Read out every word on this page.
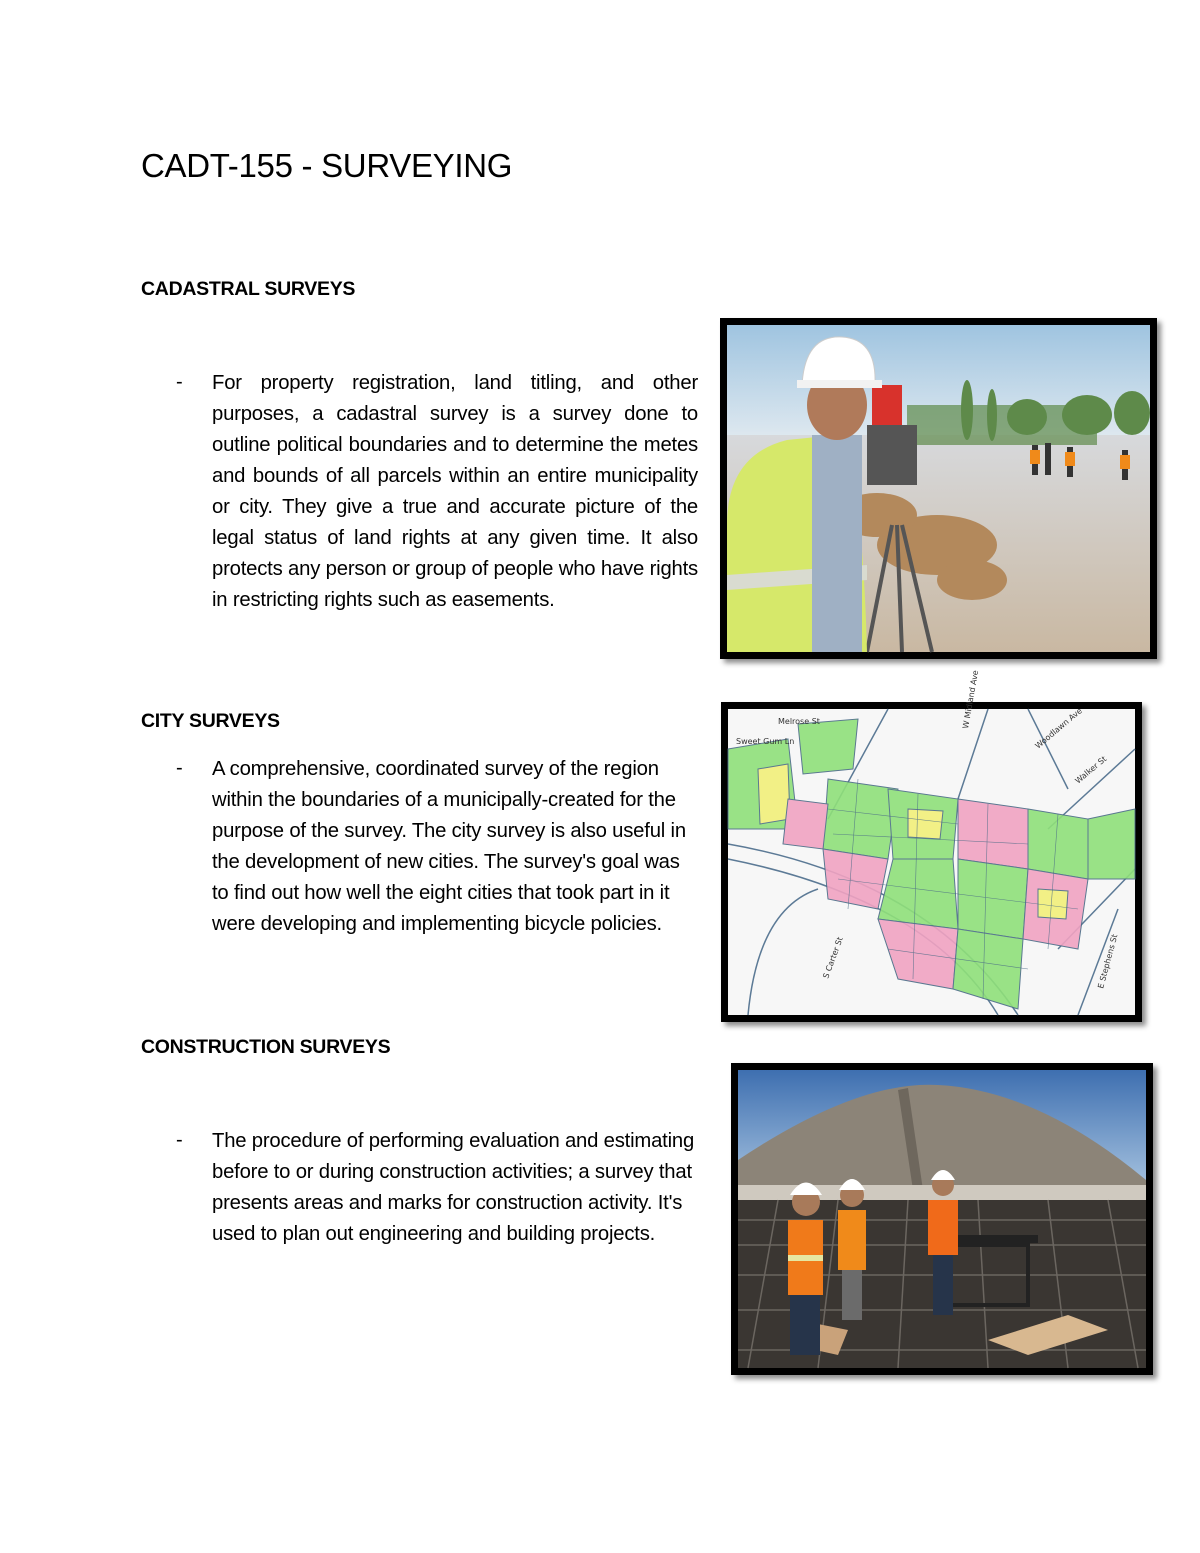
CADT-155 - SURVEYING
CADASTRAL SURVEYS
- For property registration, land titling, and other purposes, a cadastral survey is a survey done to outline political boundaries and to determine the metes and bounds of all parcels within an entire municipality or city. They give a true and accurate picture of the legal status of land rights at any given time. It also protects any person or group of people who have rights in restricting rights such as easements.

CITY SURVEYS
- A comprehensive, coordinated survey of the region within the boundaries of a municipally-created for the purpose of the survey. The city survey is also useful in the development of new cities. The survey's goal was to find out how well the eight cities that took part in it were developing and implementing bicycle policies.

Melrose St
Sweet Gum Ln
W Midland Ave	Woodlawn Ave
Walker St
S Carter St	E Stephens St
CONSTRUCTION SURVEYS
- The procedure of performing evaluation and estimating before to or during construction activities; a survey that presents areas and marks for construction activity. It's used to plan out engineering and building projects.
